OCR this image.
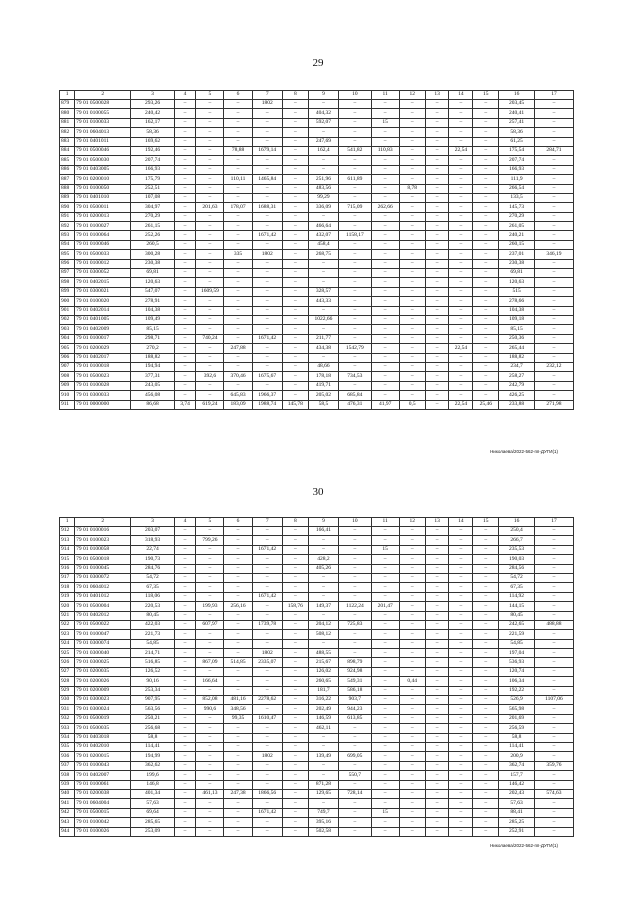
29
1	2	3	4	5	6	7	8	9	10	11	12	13	14	15	16	17
879	79 01 0500028	293,26	–	–	–	1802	–	–	–	–	–	–	–	–	203,45	–
880	79 01 0100055	240,42	–	–	–	–	–	404,32	–	–	–	–	–	–	240,41	–
881	79 01 0100033	162,17	–	–	–	–	–	592,07	–	15	–	–	–	–	257,41	–
882	79 01 0604013	58,36	–	–	–	–	–	–	–	–	–	–	–	–	58,36	–
883	79 01 0401011	169,62	–	–	–	–	–	247,69	–	–	–	–	–	–	61,25	–
884	79 01 0500046	192,46	–	–	78,88	1679,14	–	162,4	541,82	110,83	–	–	22,54	–	175,54	284,71
885	79 01 0500030	207,74	–	–	–	–	–	–	–	–	–	–	–	–	207,74	–
886	79 01 0403005	166,93	–	–	–	–	–	–	–	–	–	–	–	–	166,93	–
887	79 01 0200010	175,79	–	–	110,11	1465,84	–	251,96	611,89	–	–	–	–	–	111,9	–
888	79 01 0100050	252,51	–	–	–	–	–	483,56	–	–	8,78	–	–	–	266,54	–
889	79 01 0401010	107,08	–	–	–	–	–	99,29	–	–	–	–	–	–	133,5	–
890	79 01 0500011	304,97	–	201,63	178,07	1688,31	–	336,09	715,09	262,66	–	–	–	–	145,73	–
891	79 01 0200013	270,29	–	–	–	–	–	–	–	–	–	–	–	–	270,29	–
892	79 01 0100027	261,15	–	–	–	–	–	466,64	–	–	–	–	–	–	261,05	–
893	79 01 0100064	252,26	–	–	–	1671,42	–	432,07	1158,17	–	–	–	–	–	240,21	–
894	79 01 0100046	260,5	–	–	–	–	–	458,4	–	–	–	–	–	–	260,15	–
895	79 01 0500033	300,28	–	–	335	1802	–	268,75	–	–	–	–	–	–	237,01	346,19
896	79 01 0100012	230,38	–	–	–	–	–	–	–	–	–	–	–	–	230,38	–
897	79 01 0300052	69,81	–	–	–	–	–	–	–	–	–	–	–	–	69,81	–
898	79 01 0402015	120,63	–	–	–	–	–	–	–	–	–	–	–	–	120,63	–
899	79 01 0300021	547,07	–	1609,59	–	–	–	328,57	–	–	–	–	–	–	515	–
900	79 01 0100020	278,91	–	–	–	–	–	443,33	–	–	–	–	–	–	278,66	–
901	79 01 0402014	104,38	–	–	–	–	–	–	–	–	–	–	–	–	104,38	–
902	79 01 0401005	109,49	–	–	–	–	–	1022,66	–	–	–	–	–	–	109,18	–
903	79 01 0402009	85,15	–	–	–	–	–	–	–	–	–	–	–	–	85,15	–
904	79 01 0100017	298,71	–	740,24	–	1671,42	–	211,77	–	–	–	–	–	–	250,36	–
905	79 01 0200029	270,2	–	–	247,88	–	–	434,38	1542,79	–	–	–	22,54	–	265,44	–
906	79 01 0402017	188,82	–	–	–	–	–	–	–	–	–	–	–	–	188,82	–
907	79 01 0100018	194,94	–	–	–	–	–	48,66	–	–	–	–	–	–	234,7	232,12
908	79 01 0500023	377,31	–	392,6	370,46	1675,67	–	178,18	734,53	–	–	–	–	–	258,27	–
909	79 01 0100028	243,05	–	–	–	–	–	419,71	–	–	–	–	–	–	242,79	–
910	79 01 0300033	456,08	–	–	645,83	1966,37	–	205,02	685,84	–	–	–	–	–	426,25	–
911	79 01 0000000	86,68	3,74	619,24	183,09	1988,74	145,78	58,5	476,31	41,97	0,5	–	22,54	25,46	233,88	271,98
Николаева/2022-562-пп-ДУГИ(1)
30
1	2	3	4	5	6	7	8	9	10	11	12	13	14	15	16	17
912	79 01 0100016	203,07	–	–	–	–	–	166,41	–	–	–	–	–	–	250,4	–
913	79 01 0100023	318,93	–	799,26	–	–	–	–	–	–	–	–	–	–	266,7	–
914	79 01 0100058	22,74	–	–	–	1671,42	–	–	–	15	–	–	–	–	235,53	–
915	79 01 0500018	190,73	–	–	–	–	–	428,2	–	–	–	–	–	–	190,03	–
916	79 01 0100045	284,76	–	–	–	–	–	405,26	–	–	–	–	–	–	284,56	–
917	79 01 0300072	54,72	–	–	–	–	–	–	–	–	–	–	–	–	54,72	–
918	79 01 0604012	67,35	–	–	–	–	–	–	–	–	–	–	–	–	67,35	–
919	79 01 0401012	118,06	–	–	–	1671,42	–	–	–	–	–	–	–	–	114,92	–
920	79 01 0500004	220,53	–	199,93	256,16	–	158,76	149,37	1122,24	201,47	–	–	–	–	144,15	–
921	79 01 0402012	80,45	–	–	–	–	–	–	–	–	–	–	–	–	80,45	–
922	79 01 0500022	422,03	–	607,97	–	1739,78	–	204,12	725,83	–	–	–	–	–	242,65	488,88
923	79 01 0100047	221,73	–	–	–	–	–	508,12	–	–	–	–	–	–	221,59	–
924	79 01 0300074	54,85	–	–	–	–	–	–	–	–	–	–	–	–	54,85	–
925	79 01 0300040	214,71	–	–	–	1802	–	488,55	–	–	–	–	–	–	197,04	–
926	79 01 0300025	516,85	–	867,09	514,85	2335,07	–	215,67	898,79	–	–	–	–	–	536,93	–
927	79 01 0200035	126,52	–	–	–	–	–	126,02	924,98	–	–	–	–	–	120,74	–
928	79 01 0200026	90,16	–	166,64	–	–	–	260,65	549,31	–	0,44	–	–	–	106,34	–
929	79 01 0200009	253,34	–	–	–	–	–	181,7	586,18	–	–	–	–	–	192,22	–
930	79 01 0300023	907,95	–	852,08	481,16	2278,62	–	316,22	903,7	–	–	–	–	–	526,9	1107,06
931	79 01 0300024	563,56	–	990,6	348,56	–	–	202,49	944,23	–	–	–	–	–	565,98	–
932	79 01 0500019	250,21	–	–	99,35	1610,47	–	146,59	613,85	–	–	–	–	–	201,69	–
933	79 01 0500035	256,68	–	–	–	–	–	462,11	–	–	–	–	–	–	256,59	–
934	79 01 0403018	58,8	–	–	–	–	–	–	–	–	–	–	–	–	58,8	–
935	79 01 0402010	114,41	–	–	–	–	–	–	–	–	–	–	–	–	114,41	–
936	79 01 0200015	194,99	–	–	–	1802	–	139,49	699,05	–	–	–	–	–	200,9	–
937	79 01 0100043	362,62	–	–	–	–	–	–	–	–	–	–	–	–	362,74	359,76
938	79 01 0402007	199,6	–	–	–	–	–	–	550,7	–	–	–	–	–	157,7	–
939	79 01 0100061	146,8	–	–	–	–	–	871,28	–	–	–	–	–	–	146,42	–
940	79 01 0200038	401,34	–	461,13	247,38	1866,56	–	129,65	728,14	–	–	–	–	–	202,43	574,63
941	79 01 0604004	57,63	–	–	–	–	–	–	–	–	–	–	–	–	57,63	–
942	79 01 0500015	69,64	–	–	–	1671,42	–	749,7	–	15	–	–	–	–	88,41	–
943	79 01 0100042	285,65	–	–	–	–	–	395,16	–	–	–	–	–	–	285,25	–
944	79 01 0100026	253,09	–	–	–	–	–	502,58	–	–	–	–	–	–	252,91	–
Николаева/2022-562-пп-ДУГИ(1)
